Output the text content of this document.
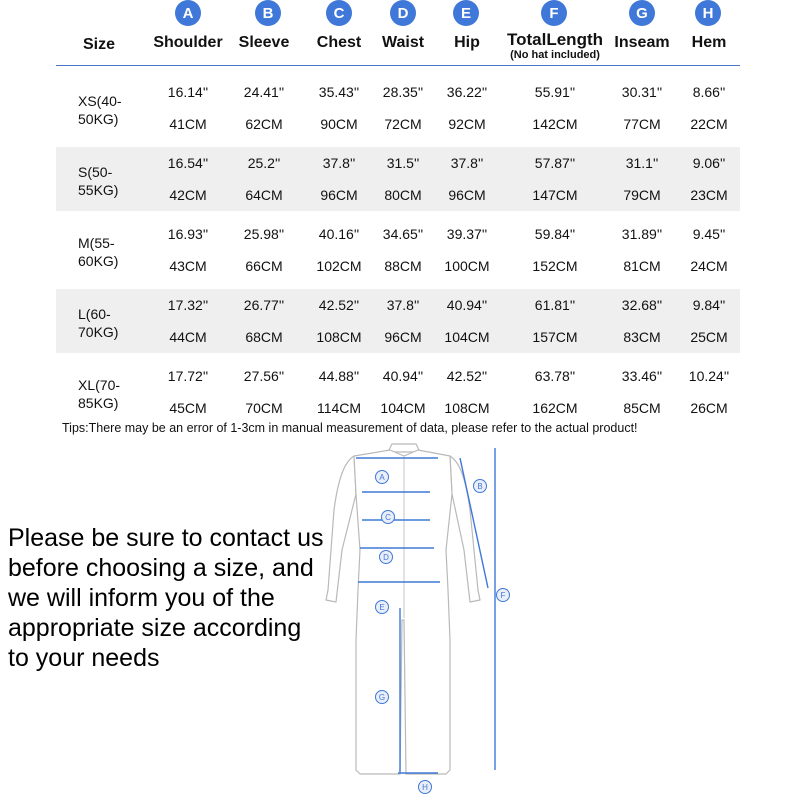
Size
A
Shoulder
B
Sleeve
C
Chest
D
Waist
E
Hip
F
TotalLength
(No hat included)
G
Inseam
H
Hem
XS(40-50KG)
16.14''
41CM
24.41''
62CM
35.43''
90CM
28.35''
72CM
36.22''
92CM
55.91''
142CM
30.31''
77CM
8.66''
22CM
S(50-55KG)
16.54''
42CM
25.2''
64CM
37.8''
96CM
31.5''
80CM
37.8''
96CM
57.87''
147CM
31.1''
79CM
9.06''
23CM
M(55-60KG)
16.93''
43CM
25.98''
66CM
40.16''
102CM
34.65''
88CM
39.37''
100CM
59.84''
152CM
31.89''
81CM
9.45''
24CM
L(60-70KG)
17.32''
44CM
26.77''
68CM
42.52''
108CM
37.8''
96CM
40.94''
104CM
61.81''
157CM
32.68''
83CM
9.84''
25CM
XL(70-85KG)
17.72''
45CM
27.56''
70CM
44.88''
114CM
40.94''
104CM
42.52''
108CM
63.78''
162CM
33.46''
85CM
10.24''
26CM
Tips:There may be an error of 1-3cm in manual measurement of data, please refer to the actual product!
Please be sure to contact us before choosing a size, and we will inform you of the appropriate size according to your needs
A
B
C
D
E
F
G
H
